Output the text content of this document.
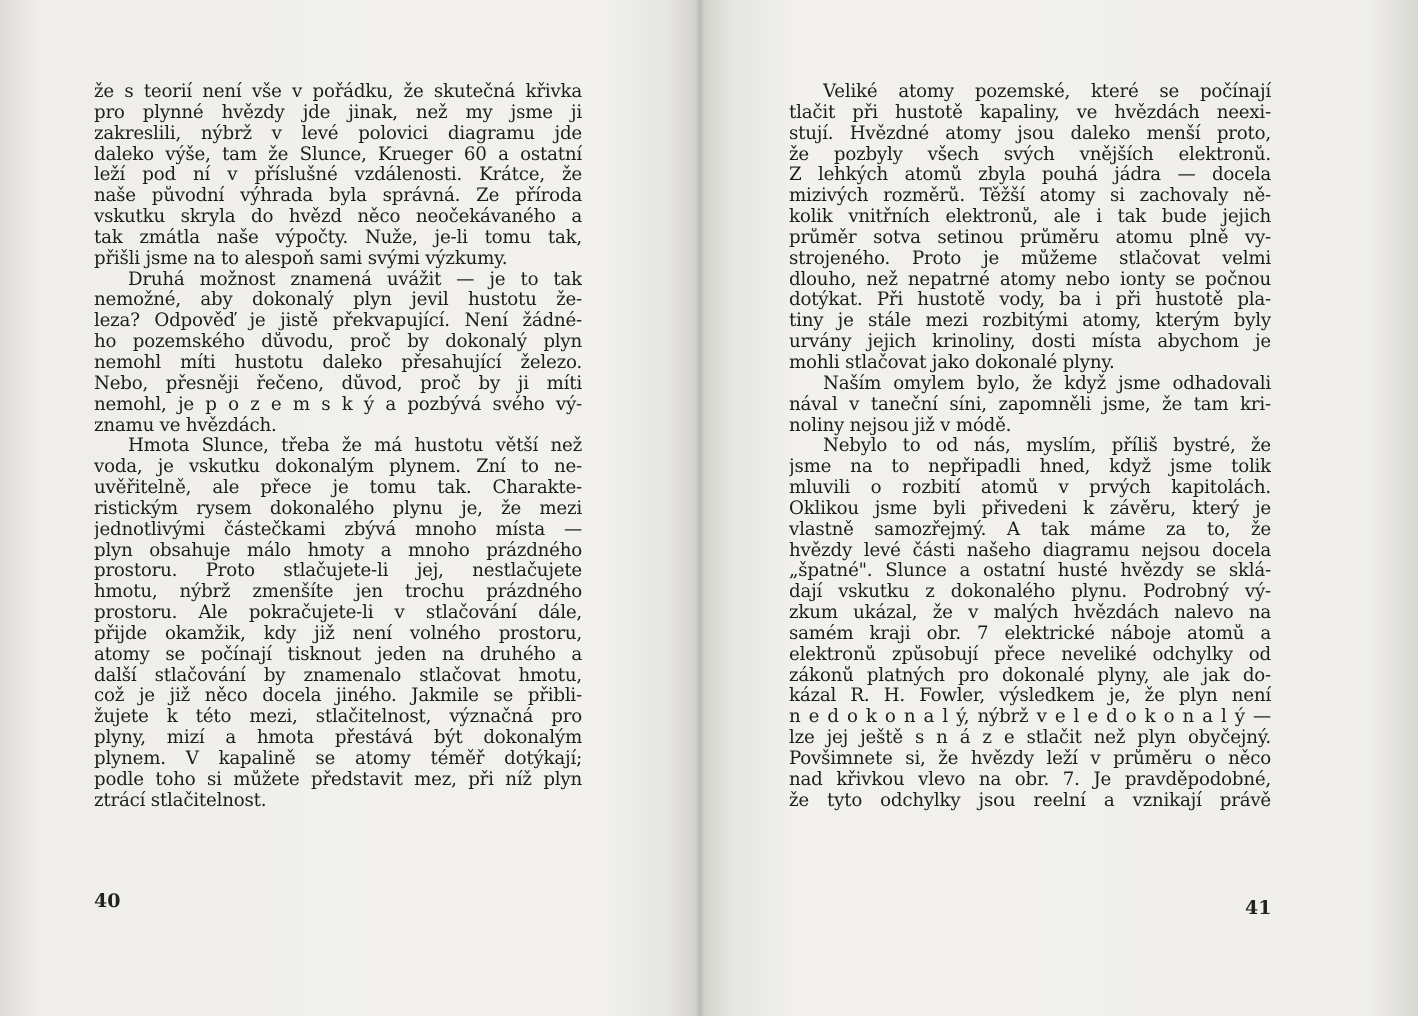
že s teorií není vše v pořádku, že skutečná křivka
pro plynné hvězdy jde jinak, než my jsme ji
zakreslili, nýbrž v levé polovici diagramu jde
daleko výše, tam že Slunce, Krueger 60 a ostatní
leží pod ní v příslušné vzdálenosti. Krátce, že
naše původní výhrada byla správná. Že příroda
vskutku skryla do hvězd něco neočekávaného a
tak zmátla naše výpočty. Nuže, je-li tomu tak,
přišli jsme na to alespoň sami svými výzkumy.
Druhá možnost znamená uvážit — je to tak
nemožné, aby dokonalý plyn jevil hustotu že-
leza? Odpověď je jistě překvapující. Není žádné-
ho pozemského důvodu, proč by dokonalý plyn
nemohl míti hustotu daleko přesahující železo.
Nebo, přesněji řečeno, důvod, proč by ji míti
nemohl, je p o z e m s k ý a pozbývá svého vý-
znamu ve hvězdách.
Hmota Slunce, třeba že má hustotu větší než
voda, je vskutku dokonalým plynem. Zní to ne-
uvěřitelně, ale přece je tomu tak. Charakte-
ristickým rysem dokonalého plynu je, že mezi
jednotlivými částečkami zbývá mnoho místa —
plyn obsahuje málo hmoty a mnoho prázdného
prostoru. Proto stlačujete-li jej, nestlačujete
hmotu, nýbrž zmenšíte jen trochu prázdného
prostoru. Ale pokračujete-li v stlačování dále,
přijde okamžik, kdy již není volného prostoru,
atomy se počínají tisknout jeden na druhého a
další stlačování by znamenalo stlačovat hmotu,
což je již něco docela jiného. Jakmile se přibli-
žujete k této mezi, stlačitelnost, význačná pro
plyny, mizí a hmota přestává být dokonalým
plynem. V kapalině se atomy téměř dotýkají;
podle toho si můžete představit mez, při níž plyn
ztrácí stlačitelnost.
40
Veliké atomy pozemské, které se počínají
tlačit při hustotě kapaliny, ve hvězdách neexi-
stují. Hvězdné atomy jsou daleko menší proto,
že pozbyly všech svých vnějších elektronů.
Z lehkých atomů zbyla pouhá jádra — docela
mizivých rozměrů. Těžší atomy si zachovaly ně-
kolik vnitřních elektronů, ale i tak bude jejich
průměr sotva setinou průměru atomu plně vy-
strojeného. Proto je můžeme stlačovat velmi
dlouho, než nepatrné atomy nebo ionty se počnou
dotýkat. Při hustotě vody, ba i při hustotě pla-
tiny je stále mezi rozbitými atomy, kterým byly
urvány jejich krinoliny, dosti místa abychom je
mohli stlačovat jako dokonalé plyny.
Naším omylem bylo, že když jsme odhadovali
nával v taneční síni, zapomněli jsme, že tam kri-
noliny nejsou již v módě.
Nebylo to od nás, myslím, příliš bystré, že
jsme na to nepřipadli hned, když jsme tolik
mluvili o rozbití atomů v prvých kapitolách.
Oklikou jsme byli přivedeni k závěru, který je
vlastně samozřejmý. A tak máme za to, že
hvězdy levé části našeho diagramu nejsou docela
„špatné". Slunce a ostatní husté hvězdy se sklá-
dají vskutku z dokonalého plynu. Podrobný vý-
zkum ukázal, že v malých hvězdách nalevo na
samém kraji obr. 7 elektrické náboje atomů a
elektronů způsobují přece neveliké odchylky od
zákonů platných pro dokonalé plyny, ale jak do-
kázal R. H. Fowler, výsledkem je, že plyn není
n e d o k o n a l ý, nýbrž v e l e d o k o n a l ý —
lze jej ještě s n á z e stlačit než plyn obyčejný.
Povšimnete si, že hvězdy leží v průměru o něco
nad křivkou vlevo na obr. 7. Je pravděpodobné,
že tyto odchylky jsou reelní a vznikají právě
41
